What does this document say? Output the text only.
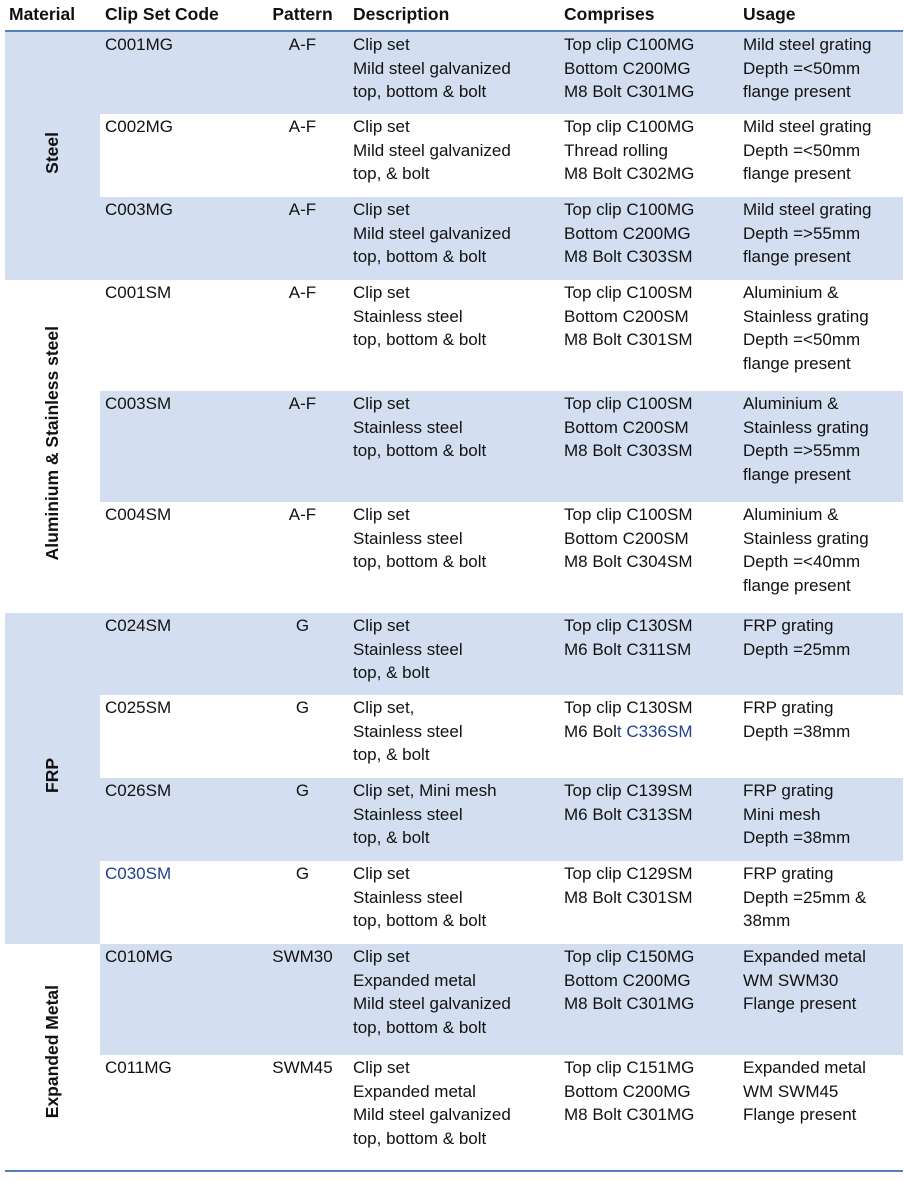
Material	Clip Set Code	Pattern	Description	Comprises	Usage
Steel	C001MG	A-F	Clip set
Mild steel galvanized
top, bottom & bolt	Top clip C100MG
Bottom C200MG
M8 Bolt C301MG	Mild steel grating
Depth =<50mm
flange present

	C002MG	A-F	Clip set
Mild steel galvanized
top, & bolt	Top clip C100MG
Thread rolling
M8 Bolt C302MG	Mild steel grating
Depth =<50mm
flange present

	C003MG	A-F	Clip set
Mild steel galvanized
top, bottom & bolt	Top clip C100MG
Bottom C200MG
M8 Bolt C303SM	Mild steel grating
Depth =>55mm
flange present

Aluminium & Stainless steel	C001SM	A-F	Clip set
Stainless steel
top, bottom & bolt	Top clip C100SM
Bottom C200SM
M8 Bolt C301SM	Aluminium &
Stainless grating
Depth =<50mm
flange present

	C003SM	A-F	Clip set
Stainless steel
top, bottom & bolt	Top clip C100SM
Bottom C200SM
M8 Bolt C303SM	Aluminium &
Stainless grating
Depth =>55mm
flange present

	C004SM	A-F	Clip set
Stainless steel
top, bottom & bolt	Top clip C100SM
Bottom C200SM
M8 Bolt C304SM	Aluminium &
Stainless grating
Depth =<40mm
flange present

FRP	C024SM	G	Clip set
Stainless steel
top, & bolt	Top clip C130SM
M6 Bolt C311SM	FRP grating
Depth =25mm

	C025SM	G	Clip set,
Stainless steel
top, & bolt	Top clip C130SM
M6 Bolt C336SM	FRP grating
Depth =38mm

	C026SM	G	Clip set, Mini mesh
Stainless steel
top, & bolt	Top clip C139SM
M6 Bolt C313SM	FRP grating
Mini mesh
Depth =38mm

	C030SM	G	Clip set
Stainless steel
top, bottom & bolt	Top clip C129SM
M8 Bolt C301SM	FRP grating
Depth =25mm &
38mm

Expanded Metal	C010MG	SWM30	Clip set
Expanded metal
Mild steel galvanized
top, bottom & bolt	Top clip C150MG
Bottom C200MG
M8 Bolt C301MG	Expanded metal
WM SWM30
Flange present

	C011MG	SWM45	Clip set
Expanded metal
Mild steel galvanized
top, bottom & bolt	Top clip C151MG
Bottom C200MG
M8 Bolt C301MG	Expanded metal
WM SWM45
Flange present
